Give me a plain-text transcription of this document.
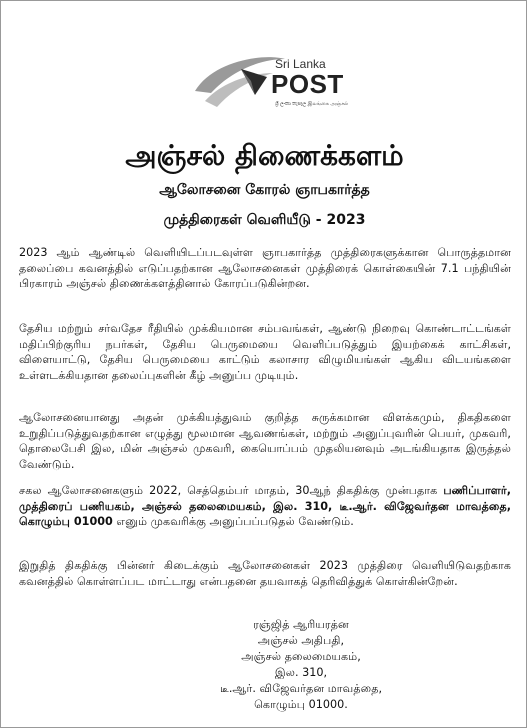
Sri Lanka
POST
ශ්‍රී ලංකා තැපෑල இலங்கை அஞ்சல்
அஞ்சல் திணைக்களம்
ஆலோசனை கோரல் ஞாபகார்த்த
முத்திரைகள் வெளியீடு - 2023

2023 ஆம் ஆண்டில் வெளியிடப்படவுள்ள ஞாபகார்த்த முத்திரைகளுக்கான பொருத்தமான தலைப்பை கவனத்தில் எடுப்பதற்கான ஆலோசனைகள் முத்திரைக் கொள்கையின் 7.1 பந்தியின் பிரகாரம் அஞ்சல் திணைக்களத்தினால் கோரப்படுகின்றன.

தேசிய மற்றும் சர்வதேச ரீதியில் முக்கியமான சம்பவங்கள், ஆண்டு நிறைவு கொண்டாட்டங்கள் மதிப்பிற்குரிய நபர்கள், தேசிய பெருமையை வெளிப்படுத்தும் இயற்கைக் காட்சிகள், விளையாட்டு, தேசிய பெருமையை காட்டும் கலாசார விழுமியங்கள் ஆகிய விடயங்களை உள்ளடக்கியதான தலைப்புகளின் கீழ் அனுப்ப முடியும்.

ஆலோசனையானது அதன் முக்கியத்துவம் குறித்த சுருக்கமான விளக்கமும், திகதிகளை உறுதிப்படுத்துவதற்கான எழுத்து மூலமான ஆவணங்கள், மற்றும் அனுப்புவரின் பெயர், முகவரி, தொலைபேசி இல, மின் அஞ்சல் முகவரி, கையொப்பம் முதலியனவும் அடங்கியதாக இருத்தல் வேண்டும்.

சகல ஆலோசனைகளும் 2022, செத்தெம்பர் மாதம், 30ஆந் திகதிக்கு முன்பதாக பணிப்பாளர், முத்திரைப் பணியகம், அஞ்சல் தலைமையகம், இல. 310, டீ.ஆர். விஜேவர்தன மாவத்தை, கொழும்பு 01000 எனும் முகவரிக்கு அனுப்பப்படுதல் வேண்டும்.

இறுதித் திகதிக்கு பின்னர் கிடைக்கும் ஆலோசனைகள் 2023 முத்திரை வெளியிடுவதற்காக கவனத்தில் கொள்ளப்பட மாட்டாது என்பதனை தயவாகத் தெரிவித்துக் கொள்கின்றேன்.

ரஞ்ஜித் ஆரியரத்ன
அஞ்சல் அதிபதி,
அஞ்சல் தலைமையகம்,
இல. 310,
டீ.ஆர். விஜேவர்தன மாவத்தை,
கொழும்பு 01000.
